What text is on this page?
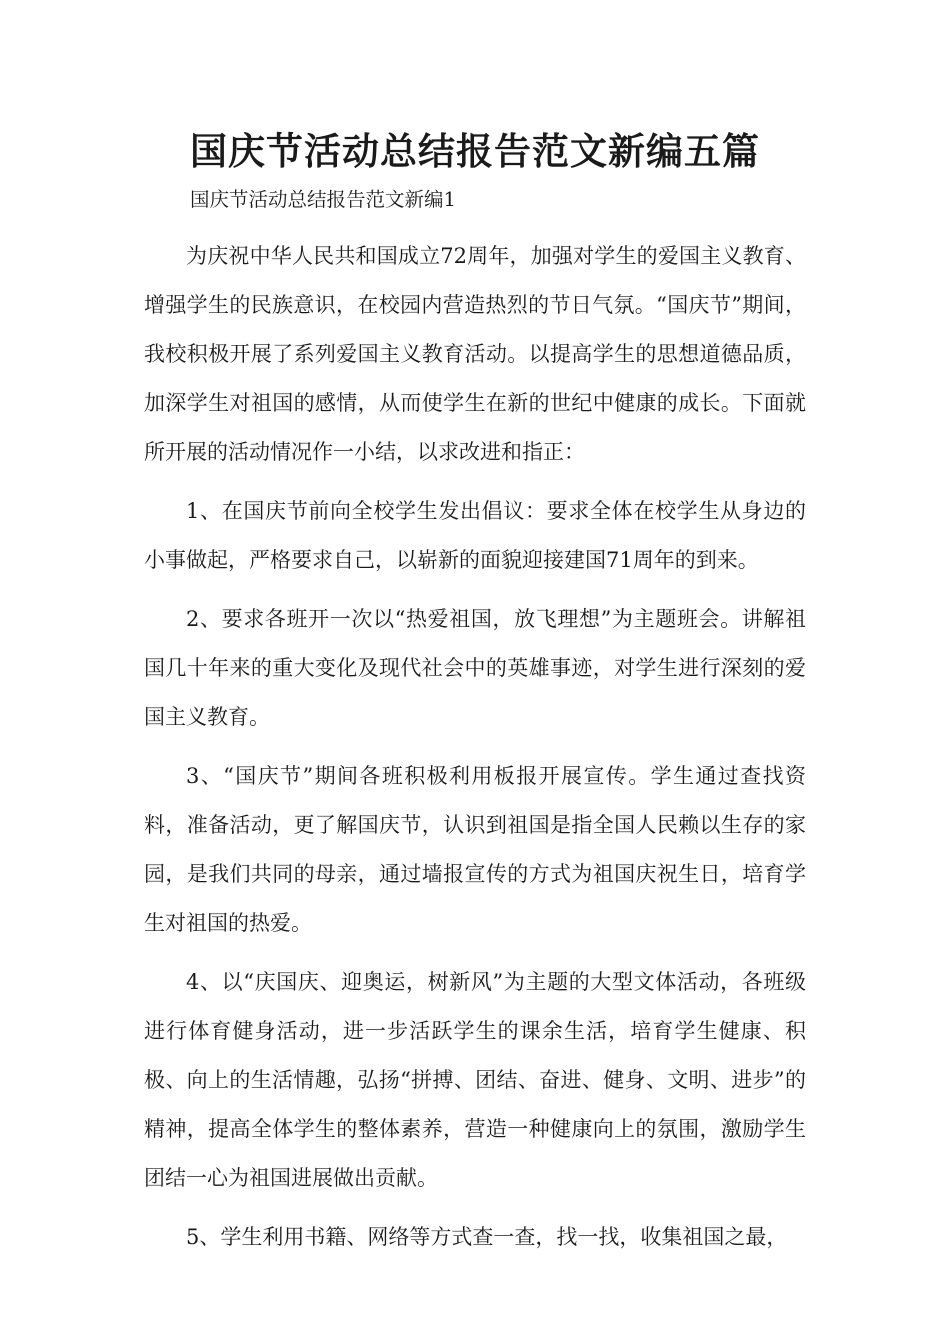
国庆节活动总结报告范文新编五篇

国庆节活动总结报告范文新编1

为庆祝中华人民共和国成立72周年，加强对学生的爱国主义教育、增强学生的民族意识，在校园内营造热烈的节日气氛。“国庆节”期间，我校积极开展了系列爱国主义教育活动。以提高学生的思想道德品质，加深学生对祖国的感情，从而使学生在新的世纪中健康的成长。下面就所开展的活动情况作一小结，以求改进和指正：

1、在国庆节前向全校学生发出倡议：要求全体在校学生从身边的小事做起，严格要求自己，以崭新的面貌迎接建国71周年的到来。

2、要求各班开一次以“热爱祖国，放飞理想”为主题班会。讲解祖国几十年来的重大变化及现代社会中的英雄事迹，对学生进行深刻的爱国主义教育。

3、“国庆节”期间各班积极利用板报开展宣传。学生通过查找资料，准备活动，更了解国庆节，认识到祖国是指全国人民赖以生存的家园，是我们共同的母亲，通过墙报宣传的方式为祖国庆祝生日，培育学生对祖国的热爱。

4、以“庆国庆、迎奥运，树新风”为主题的大型文体活动，各班级进行体育健身活动，进一步活跃学生的课余生活，培育学生健康、积极、向上的生活情趣，弘扬“拼搏、团结、奋进、健身、文明、进步”的精神，提高全体学生的整体素养，营造一种健康向上的氛围，激励学生团结一心为祖国进展做出贡献。

5、学生利用书籍、网络等方式查一查，找一找，收集祖国之最，
